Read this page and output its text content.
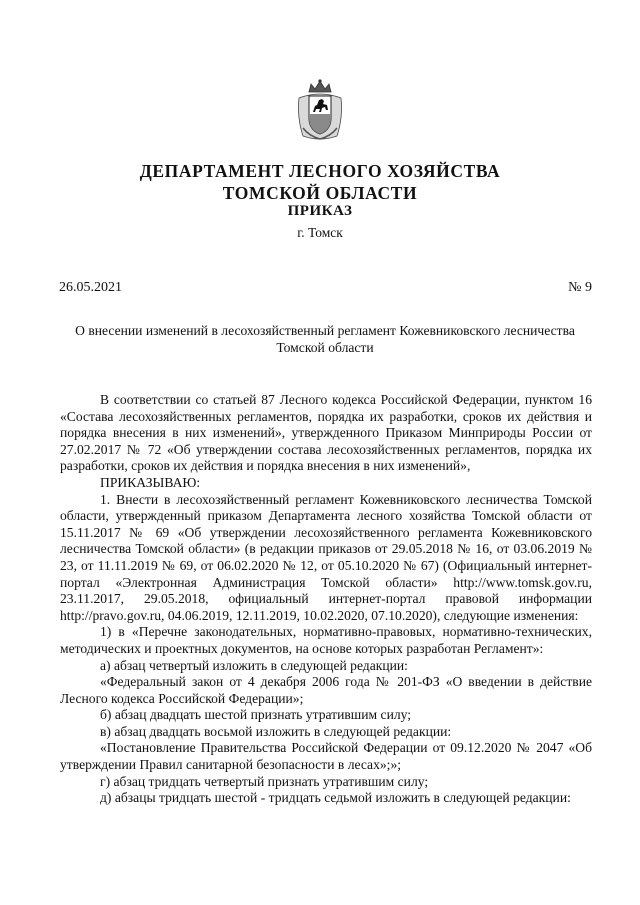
ДЕПАРТАМЕНТ ЛЕСНОГО ХОЗЯЙСТВА
ТОМСКОЙ ОБЛАСТИ
ПРИКАЗ
г. Томск
26.05.2021	№ 9
О внесении изменений в лесохозяйственный регламент Кожевниковского лесничества Томской области

В соответствии со статьей 87 Лесного кодекса Российской Федерации, пунктом 16 «Состава лесохозяйственных регламентов, порядка их разработки, сроков их действия и порядка внесения в них изменений», утвержденного Приказом Минприроды России от 27.02.2017 № 72 «Об утверждении состава лесохозяйственных регламентов, порядка их разработки, сроков их действия и порядка внесения в них изменений»,

ПРИКАЗЫВАЮ:

1. Внести в лесохозяйственный регламент Кожевниковского лесничества Томской области, утвержденный приказом Департамента лесного хозяйства Томской области от 15.11.2017 № 69 «Об утверждении лесохозяйственного регламента Кожевниковского лесничества Томской области» (в редакции приказов от 29.05.2018 № 16, от 03.06.2019 № 23, от 11.11.2019 № 69, от 06.02.2020 № 12, от 05.10.2020 № 67) (Официальный интернет-портал «Электронная Администрация Томской области» http://www.tomsk.gov.ru, 23.11.2017, 29.05.2018, официальный интернет-портал правовой информации http://pravo.gov.ru, 04.06.2019, 12.11.2019, 10.02.2020, 07.10.2020), следующие изменения:

1) в «Перечне законодательных, нормативно-правовых, нормативно-технических, методических и проектных документов, на основе которых разработан Регламент»:

а) абзац четвертый изложить в следующей редакции:

«Федеральный закон от 4 декабря 2006 года № 201-ФЗ «О введении в действие Лесного кодекса Российской Федерации»;

б) абзац двадцать шестой признать утратившим силу;

в) абзац двадцать восьмой изложить в следующей редакции:

«Постановление Правительства Российской Федерации от 09.12.2020 № 2047 «Об утверждении Правил санитарной безопасности в лесах»;»;

г) абзац тридцать четвертый признать утратившим силу;

д) абзацы тридцать шестой - тридцать седьмой изложить в следующей редакции:
